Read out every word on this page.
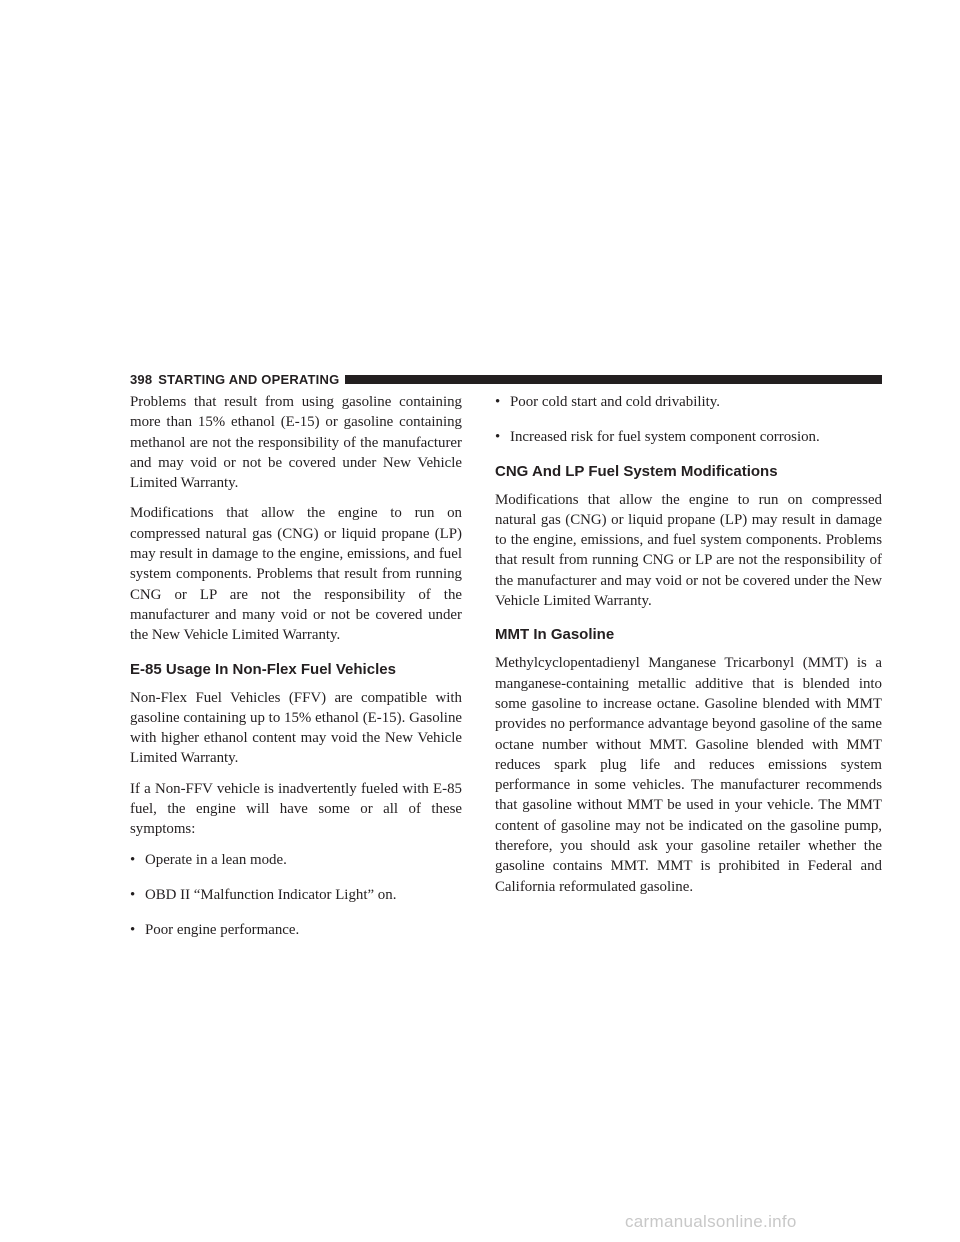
398 STARTING AND OPERATING

Problems that result from using gasoline containing more than 15% ethanol (E-15) or gasoline containing methanol are not the responsibility of the manufacturer and may void or not be covered under New Vehicle Limited Warranty.

Modifications that allow the engine to run on compressed natural gas (CNG) or liquid propane (LP) may result in damage to the engine, emissions, and fuel system components. Problems that result from running CNG or LP are not the responsibility of the manufacturer and many void or not be covered under the New Vehicle Limited Warranty.

E-85 Usage In Non-Flex Fuel Vehicles

Non-Flex Fuel Vehicles (FFV) are compatible with gasoline containing up to 15% ethanol (E-15). Gasoline with higher ethanol content may void the New Vehicle Limited Warranty.

If a Non-FFV vehicle is inadvertently fueled with E-85 fuel, the engine will have some or all of these symptoms:

• Operate in a lean mode.
• OBD II “Malfunction Indicator Light” on.
• Poor engine performance.
• Poor cold start and cold drivability.
• Increased risk for fuel system component corrosion.
CNG And LP Fuel System Modifications

Modifications that allow the engine to run on compressed natural gas (CNG) or liquid propane (LP) may result in damage to the engine, emissions, and fuel system components. Problems that result from running CNG or LP are not the responsibility of the manufacturer and may void or not be covered under the New Vehicle Limited Warranty.

MMT In Gasoline

Methylcyclopentadienyl Manganese Tricarbonyl (MMT) is a manganese-containing metallic additive that is blended into some gasoline to increase octane. Gasoline blended with MMT provides no performance advantage beyond gasoline of the same octane number without MMT. Gasoline blended with MMT reduces spark plug life and reduces emissions system performance in some vehicles. The manufacturer recommends that gasoline without MMT be used in your vehicle. The MMT content of gasoline may not be indicated on the gasoline pump, therefore, you should ask your gasoline retailer whether the gasoline contains MMT. MMT is prohibited in Federal and California reformulated gasoline.

carmanualsonline.info
